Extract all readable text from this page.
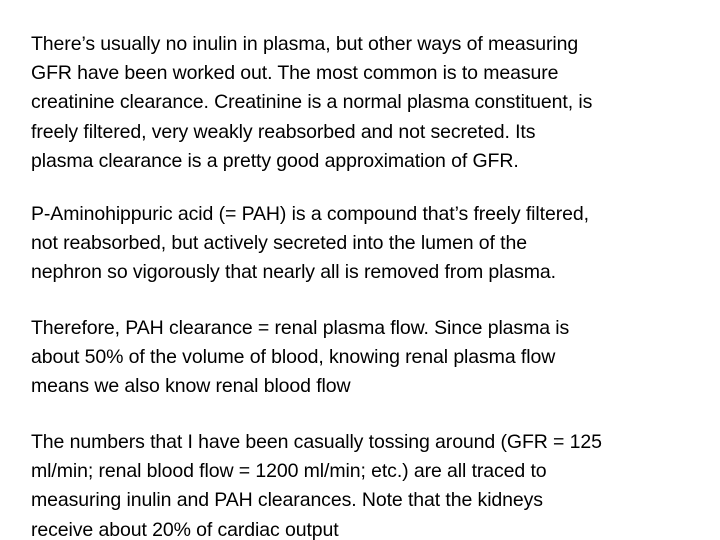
There’s usually no inulin in plasma, but other ways of measuring
GFR have been worked out. The most common is to measure
creatinine clearance. Creatinine is a normal plasma constituent, is
freely filtered, very weakly reabsorbed and not secreted. Its
plasma clearance is a pretty good approximation of GFR.

P-Aminohippuric acid (= PAH) is a compound that’s freely filtered,
not reabsorbed, but actively secreted into the lumen of the
nephron so vigorously that nearly all is removed from plasma.

Therefore, PAH clearance = renal plasma flow. Since plasma is
about 50% of the volume of blood, knowing renal plasma flow
means we also know renal blood flow

The numbers that I have been casually tossing around (GFR = 125
ml/min; renal blood flow = 1200 ml/min; etc.) are all traced to
measuring inulin and PAH clearances. Note that the kidneys
receive about 20% of cardiac output
